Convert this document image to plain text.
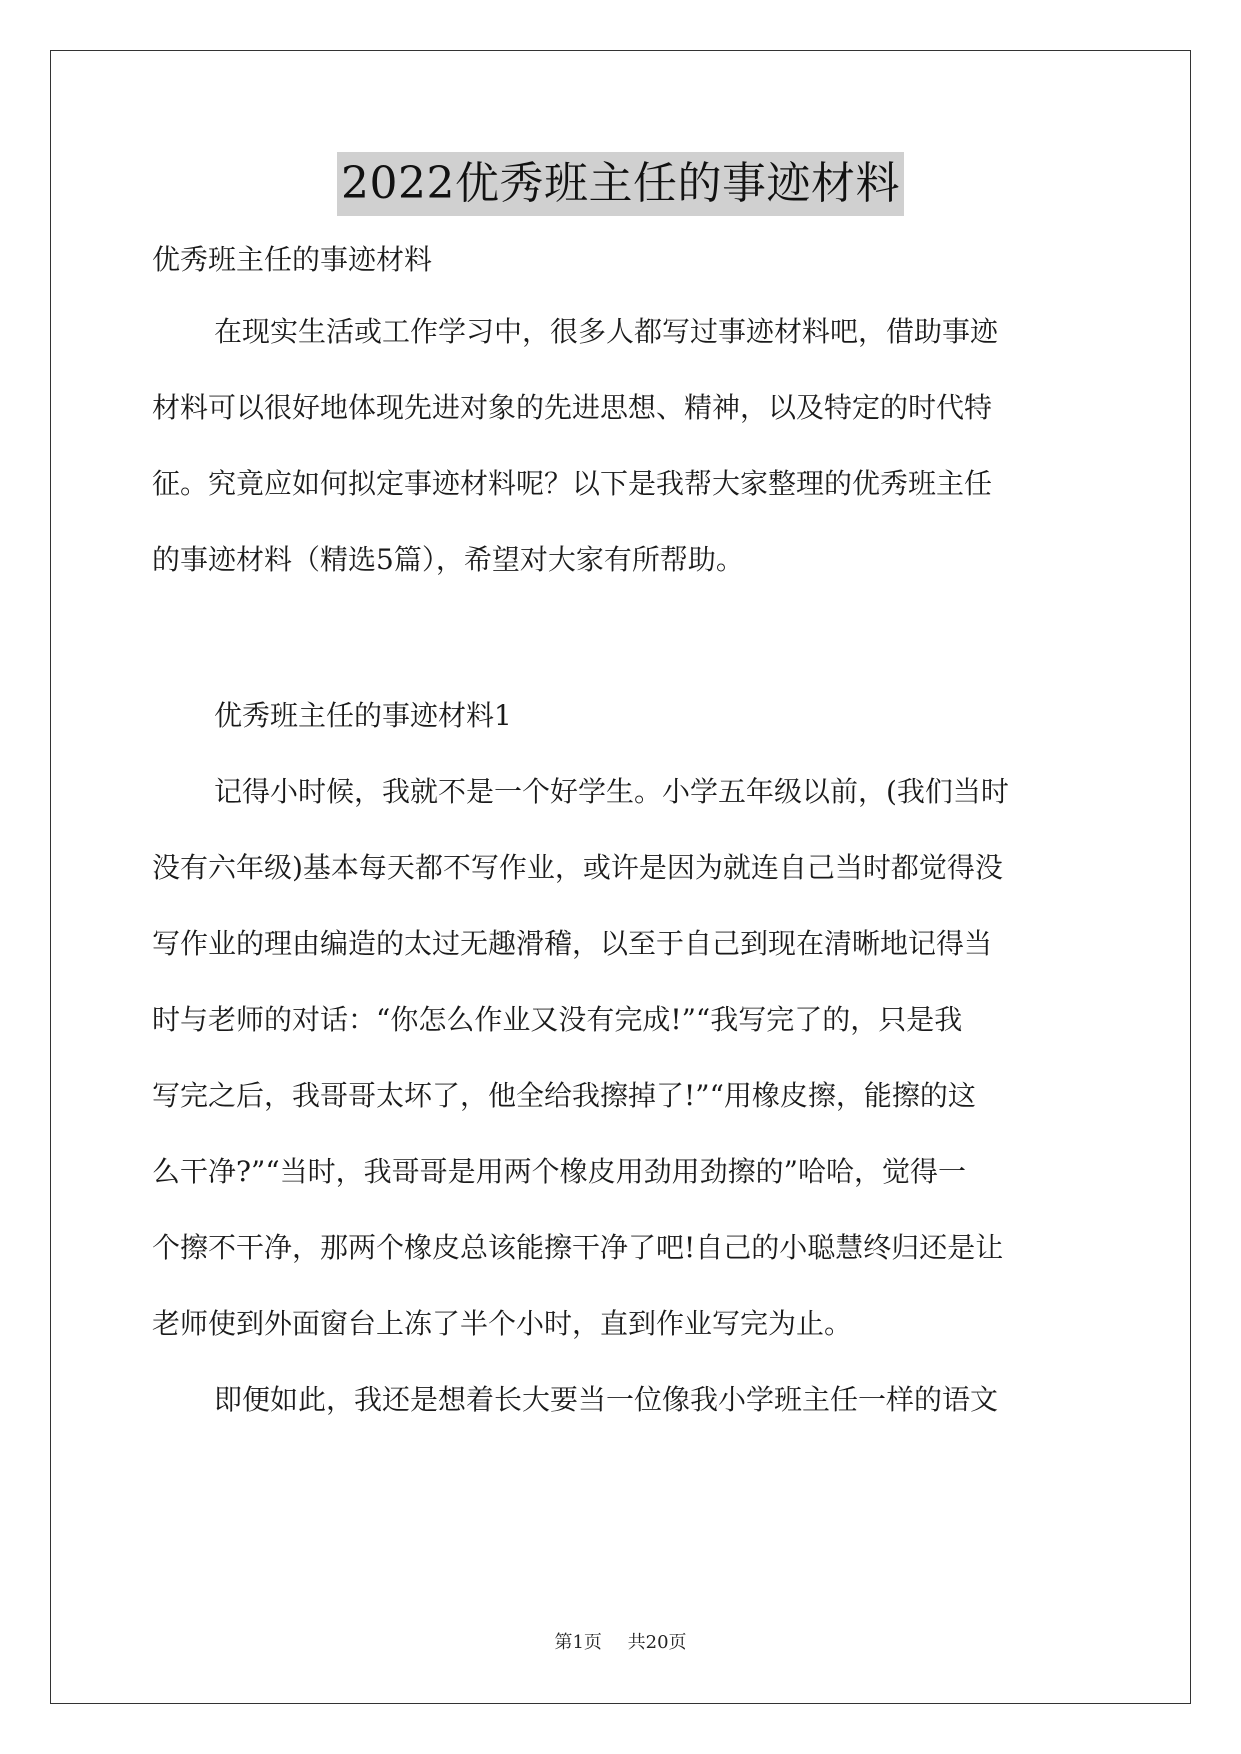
2022优秀班主任的事迹材料
优秀班主任的事迹材料
在现实生活或工作学习中，很多人都写过事迹材料吧，借助事迹
材料可以很好地体现先进对象的先进思想、精神，以及特定的时代特
征。究竟应如何拟定事迹材料呢？以下是我帮大家整理的优秀班主任
的事迹材料（精选5篇），希望对大家有所帮助。
优秀班主任的事迹材料1
记得小时候，我就不是一个好学生。小学五年级以前，(我们当时
没有六年级)基本每天都不写作业，或许是因为就连自己当时都觉得没
写作业的理由编造的太过无趣滑稽，以至于自己到现在清晰地记得当
时与老师的对话：“你怎么作业又没有完成!”“我写完了的，只是我
写完之后，我哥哥太坏了，他全给我擦掉了!”“用橡皮擦，能擦的这
么干净?”“当时，我哥哥是用两个橡皮用劲用劲擦的”哈哈，觉得一
个擦不干净，那两个橡皮总该能擦干净了吧!自己的小聪慧终归还是让
老师使到外面窗台上冻了半个小时，直到作业写完为止。
即便如此，我还是想着长大要当一位像我小学班主任一样的语文
第1页 共20页
